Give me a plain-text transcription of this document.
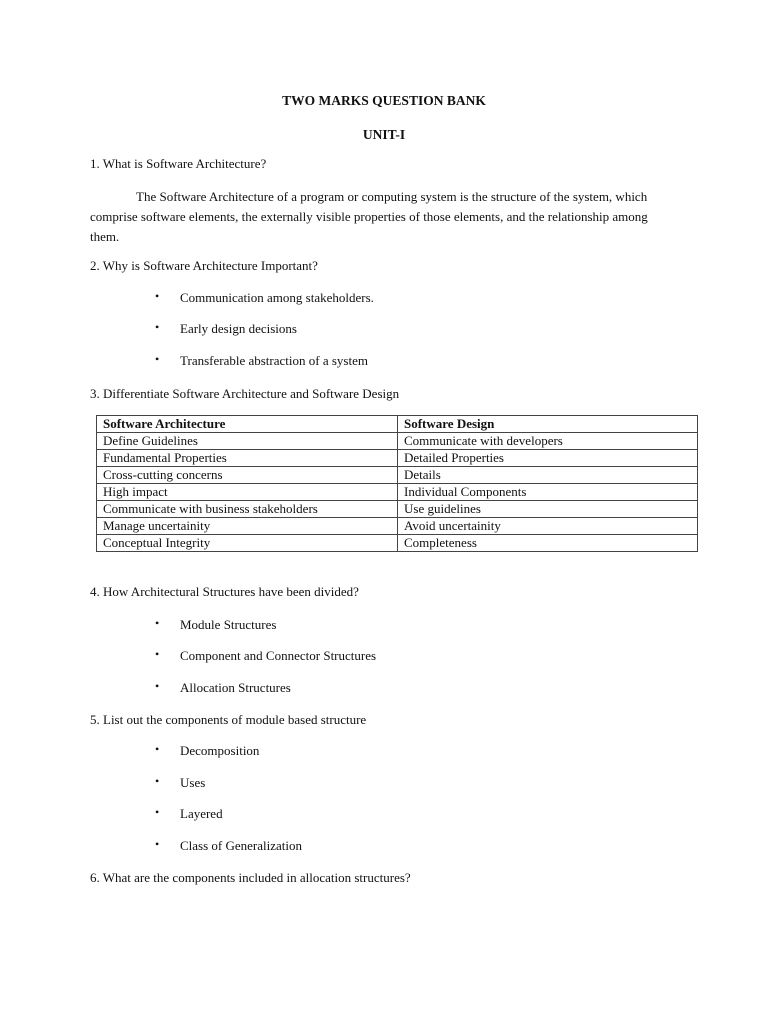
TWO MARKS QUESTION BANK
UNIT-I
1. What is Software Architecture?
The Software Architecture of a program or computing system is the structure of the system, which comprise software elements, the externally visible properties of those elements, and the relationship among them.
2. Why is Software Architecture Important?
• Communication among stakeholders.
• Early design decisions
• Transferable abstraction of a system
3. Differentiate Software Architecture and Software Design
Software Architecture	Software Design
Define Guidelines	Communicate with developers
Fundamental Properties	Detailed Properties
Cross-cutting concerns	Details
High impact	Individual Components
Communicate with business stakeholders	Use guidelines
Manage uncertainity	Avoid uncertainity
Conceptual Integrity	Completeness
4. How Architectural Structures have been divided?
• Module Structures
• Component and Connector Structures
• Allocation Structures
5. List out the components of module based structure
• Decomposition
• Uses
• Layered
• Class of Generalization
6. What are the components included in allocation structures?
